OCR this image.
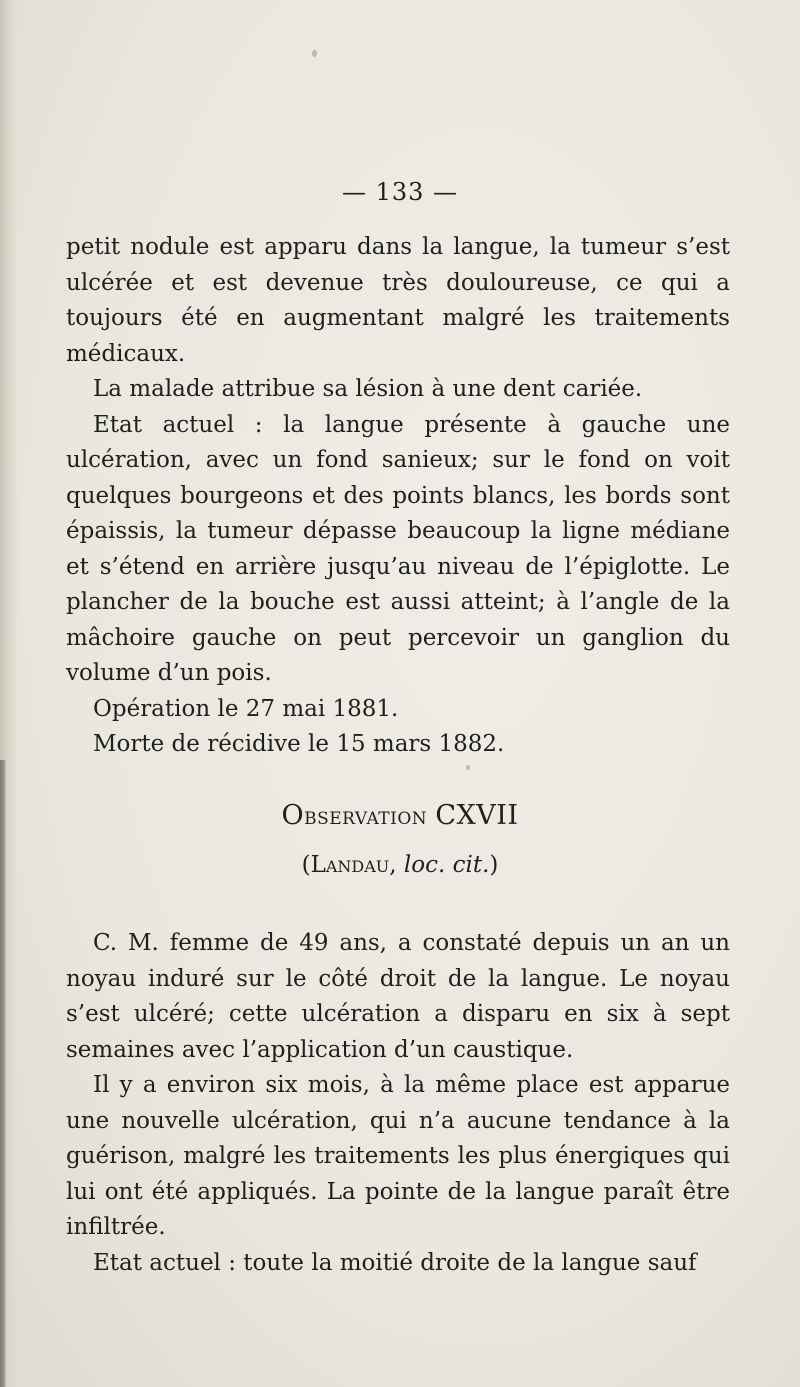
— 133 —

petit nodule est apparu dans la langue, la tumeur s’est ulcérée et est devenue très douloureuse, ce qui a toujours été en augmentant malgré les traitements médicaux.

La malade attribue sa lésion à une dent cariée.

Etat actuel : la langue présente à gauche une ulcération, avec un fond sanieux; sur le fond on voit quelques bourgeons et des points blancs, les bords sont épaissis, la tumeur dépasse beaucoup la ligne médiane et s’étend en arrière jusqu’au niveau de l’épiglotte. Le plancher de la bouche est aussi atteint; à l’angle de la mâchoire gauche on peut percevoir un ganglion du volume d’un pois.

Opération le 27 mai 1881.

Morte de récidive le 15 mars 1882.

Observation CXVII
(Landau, loc. cit.)

C. M. femme de 49 ans, a constaté depuis un an un noyau induré sur le côté droit de la langue. Le noyau s’est ulcéré; cette ulcération a disparu en six à sept semaines avec l’application d’un caustique.

Il y a environ six mois, à la même place est apparue une nouvelle ulcération, qui n’a aucune tendance à la guérison, malgré les traitements les plus énergiques qui lui ont été appliqués. La pointe de la langue paraît être infiltrée.

Etat actuel : toute la moitié droite de la langue sauf
